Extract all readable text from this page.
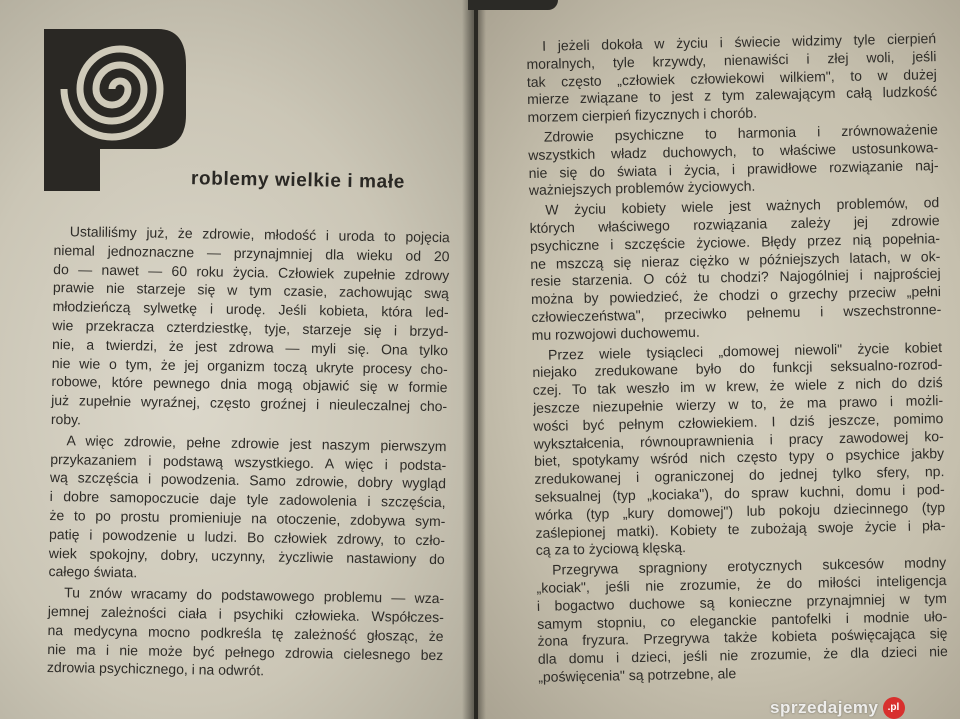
roblemy wielkie i małe
Ustaliliśmy już, że zdrowie, młodość i uroda to pojęcia
niemal jednoznaczne — przynajmniej dla wieku od 20
do — nawet — 60 roku życia. Człowiek zupełnie zdrowy
prawie nie starzeje się w tym czasie, zachowując swą
młodzieńczą sylwetkę i urodę. Jeśli kobieta, która led-
wie przekracza czterdziestkę, tyje, starzeje się i brzyd-
nie, a twierdzi, że jest zdrowa — myli się. Ona tylko
nie wie o tym, że jej organizm toczą ukryte procesy cho-
robowe, które pewnego dnia mogą objawić się w formie
już zupełnie wyraźnej, często groźnej i nieuleczalnej cho-
roby.
A więc zdrowie, pełne zdrowie jest naszym pierwszym
przykazaniem i podstawą wszystkiego. A więc i podsta-
wą szczęścia i powodzenia. Samo zdrowie, dobry wygląd
i dobre samopoczucie daje tyle zadowolenia i szczęścia,
że to po prostu promieniuje na otoczenie, zdobywa sym-
patię i powodzenie u ludzi. Bo człowiek zdrowy, to czło-
wiek spokojny, dobry, uczynny, życzliwie nastawiony do
całego świata.
Tu znów wracamy do podstawowego problemu — wza-
jemnej zależności ciała i psychiki człowieka. Współczes-
na medycyna mocno podkreśla tę zależność głosząc, że
nie ma i nie może być pełnego zdrowia cielesnego bez
zdrowia psychicznego, i na odwrót.
I jeżeli dokoła w życiu i świecie widzimy tyle cierpień
moralnych, tyle krzywdy, nienawiści i złej woli, jeśli
tak często „człowiek człowiekowi wilkiem", to w dużej
mierze związane to jest z tym zalewającym całą ludzkość
morzem cierpień fizycznych i chorób.
Zdrowie psychiczne to harmonia i zrównoważenie
wszystkich władz duchowych, to właściwe ustosunkowa-
nie się do świata i życia, i prawidłowe rozwiązanie naj-
ważniejszych problemów życiowych.
W życiu kobiety wiele jest ważnych problemów, od
których właściwego rozwiązania zależy jej zdrowie
psychiczne i szczęście życiowe. Błędy przez nią popełnia-
ne mszczą się nieraz ciężko w późniejszych latach, w ok-
resie starzenia. O cóż tu chodzi? Najogólniej i najprościej
można by powiedzieć, że chodzi o grzechy przeciw „pełni
człowieczeństwa", przeciwko pełnemu i wszechstronne-
mu rozwojowi duchowemu.
Przez wiele tysiącleci „domowej niewoli" życie kobiet
niejako zredukowane było do funkcji seksualno-rozrod-
czej. To tak weszło im w krew, że wiele z nich do dziś
jeszcze niezupełnie wierzy w to, że ma prawo i możli-
wości być pełnym człowiekiem. I dziś jeszcze, pomimo
wykształcenia, równouprawnienia i pracy zawodowej ko-
biet, spotykamy wśród nich często typy o psychice jakby
zredukowanej i ograniczonej do jednej tylko sfery, np.
seksualnej (typ „kociaka"), do spraw kuchni, domu i pod-
wórka (typ „kury domowej") lub pokoju dziecinnego (typ
zaślepionej matki). Kobiety te zubożają swoje życie i pła-
cą za to życiową klęską.
Przegrywa spragniony erotycznych sukcesów modny
„kociak", jeśli nie zrozumie, że do miłości inteligencja
i bogactwo duchowe są konieczne przynajmniej w tym
samym stopniu, co eleganckie pantofelki i modnie uło-
żona fryzura. Przegrywa także kobieta poświęcająca się
dla domu i dzieci, jeśli nie zrozumie, że dla dzieci nie
„poświęcenia" są potrzebne, ale
sprzedajemy .pl
